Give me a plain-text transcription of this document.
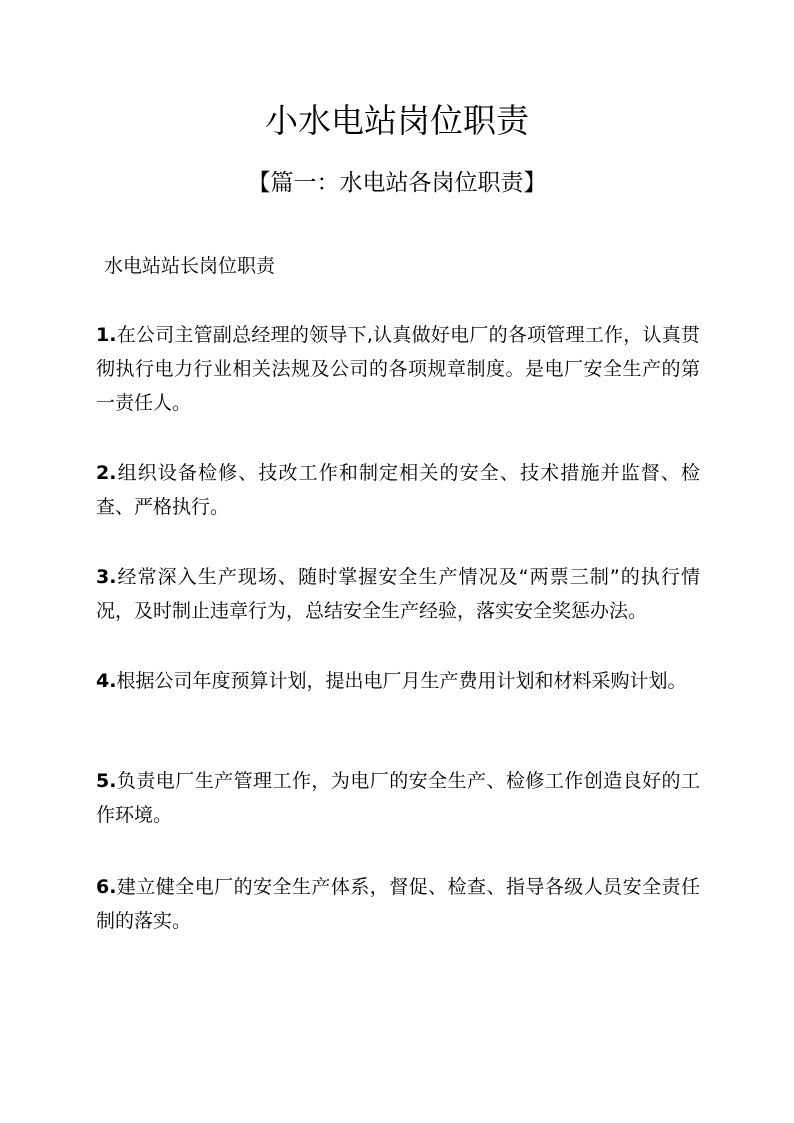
小水电站岗位职责
【篇一：水电站各岗位职责】
水电站站长岗位职责

1.在公司主管副总经理的领导下,认真做好电厂的各项管理工作，认真贯彻执行电力行业相关法规及公司的各项规章制度。是电厂安全生产的第一责任人。

2.组织设备检修、技改工作和制定相关的安全、技术措施并监督、检查、严格执行。

3.经常深入生产现场、随时掌握安全生产情况及“两票三制”的执行情况，及时制止违章行为，总结安全生产经验，落实安全奖惩办法。

4.根据公司年度预算计划，提出电厂月生产费用计划和材料采购计划。

5.负责电厂生产管理工作，为电厂的安全生产、检修工作创造良好的工作环境。

6.建立健全电厂的安全生产体系，督促、检查、指导各级人员安全责任制的落实。
